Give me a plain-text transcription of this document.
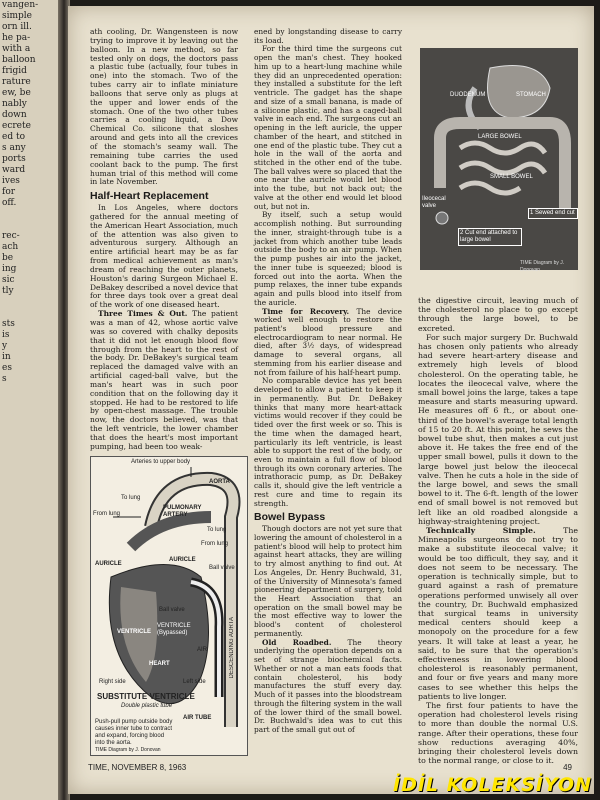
vangen-
simple
orn ill.
he pa-
with a
balloon
frigid
rature
ew, be
nably
down
ecrete
ed to
s any
ports
ward
ives
for
off.

rec-
ach
be
ing
sic
tly

sts
is
y
in
es
s

ath cooling, Dr. Wangensteen is now trying to improve it by leaving out the balloon. In a new method, so far tested only on dogs, the doctors pass a plastic tube (actually, four tubes in one) into the stomach. Two of the tubes carry air to inflate miniature balloons that serve only as plugs at the upper and lower ends of the stomach. One of the two other tubes carries a cooling liquid, a Dow Chemical Co. silicone that sloshes around and gets into all the crevices of the stomach's seamy wall. The remaining tube carries the used coolant back to the pump. The first human trial of this method will come in late November.

Half-Heart Replacement

In Los Angeles, where doctors gathered for the annual meeting of the American Heart Association, much of the attention was also given to adventurous surgery. Although an entire artificial heart may be as far from medical achievement as man's dream of reaching the outer planets, Houston's daring Surgeon Michael E. DeBakey described a novel device that for three days took over a great deal of the work of one diseased heart.

Three Times & Out. The patient was a man of 42, whose aortic valve was so covered with chalky deposits that it did not let enough blood flow through from the heart to the rest of the body. Dr. DeBakey's surgical team replaced the damaged valve with an artificial caged-ball valve, but the man's heart was in such poor condition that on the following day it stopped. He had to be restored to life by open-chest massage. The trouble now, the doctors believed, was that the left ventricle, the lower chamber that does the heart's most important pumping, had been too weak-

Arteries to upper body
AORTA
To lung
From lung
PULMONARY ARTERY
To lung
AURICLE
From lung
AURICLE
Ball valve
Ball valve
VENTRICLE
VENTRICLE (Bypassed)
HEART
AIR
Right side	Left side
SUBSTITUTE VENTRICLE
Double plastic tube
AIR TUBE
Push-pull pump outside body causes inner tube to contract and expand, forcing blood into the aorta.
DESCENDING AORTA
TIME Diagram by J. Donovan

ened by longstanding disease to carry its load.

For the third time the surgeons cut open the man's chest. They hooked him up to a heart-lung machine while they did an unprecedented operation: they installed a substitute for the left ventricle. The gadget has the shape and size of a small banana, is made of a silicone plastic, and has a caged-ball valve in each end. The surgeons cut an opening in the left auricle, the upper chamber of the heart, and stitched in one end of the plastic tube. They cut a hole in the wall of the aorta and stitched in the other end of the tube. The ball valves were so placed that the one near the auricle would let blood into the tube, but not back out; the valve at the other end would let blood out, but not in.

By itself, such a setup would accomplish nothing. But surrounding the inner, straight-through tube is a jacket from which another tube leads outside the body to an air pump. When the pump pushes air into the jacket, the inner tube is squeezed; blood is forced out into the aorta. When the pump relaxes, the inner tube expands again and pulls blood into itself from the auricle.

Time for Recovery. The device worked well enough to restore the patient's blood pressure and electrocardiogram to near normal. He died, after 3½ days, of widespread damage to several organs, all stemming from his earlier disease and not from failure of his half-heart pump.

No comparable device has yet been developed to allow a patient to keep it in permanently. But Dr. DeBakey thinks that many more heart-attack victims would recover if they could be tided over the first week or so. This is the time when the damaged heart, particularly its left ventricle, is least able to support the rest of the body, or even to maintain a full flow of blood through its own coronary arteries. The intrathoracic pump, as Dr. DeBakey calls it, should give the left ventricle a rest cure and time to regain its strength.

Bowel Bypass

Though doctors are not yet sure that lowering the amount of cholesterol in a patient's blood will help to protect him against heart attacks, they are willing to try almost anything to find out. At Los Angeles, Dr. Henry Buchwald, 31, of the University of Minnesota's famed pioneering department of surgery, told the Heart Association that an operation on the small bowel may be the most effective way to lower the blood's content of cholesterol permanently.

Old Roadbed. The theory underlying the operation depends on a set of strange biochemical facts. Whether or not a man eats foods that contain cholesterol, his body manufactures the stuff every day. Much of it passes into the bloodstream through the filtering system in the wall of the lower third of the small bowel. Dr. Buchwald's idea was to cut this part of the small gut out of

DUODENUM	STOMACH
LARGE BOWEL
SMALL BOWEL
Ileocecal valve
1 Sewed end cut
2 Cut end attached to large bowel
TIME Diagram by J. Donovan

the digestive circuit, leaving much of the cholesterol no place to go except through the large bowel, to be excreted.

For such major surgery Dr. Buchwald has chosen only patients who already had severe heart-artery disease and extremely high levels of blood cholesterol. On the operating table, he locates the ileocecal valve, where the small bowel joins the large, takes a tape measure and starts measuring upward. He measures off 6 ft., or about one-third of the bowel's average total length of 15 to 20 ft. At this point, he sews the bowel tube shut, then makes a cut just above it. He takes the free end of the upper small bowel, pulls it down to the large bowel just below the ileocecal valve. Then he cuts a hole in the side of the large bowel, and sews the small bowel to it. The 6-ft. length of the lower end of small bowel is not removed but left like an old roadbed alongside a highway-straightening project.

Technically Simple.	The Minneapolis surgeons do not try to make a substitute ileocecal valve; it would be too difficult, they say, and it does not seem to be necessary. The operation is technically simple, but to guard against a rash of premature operations performed unwisely all over the country, Dr. Buchwald emphasized that surgical teams in university medical centers should keep a monopoly on the procedure for a few years. It will take at least a year, he said, to be sure that the operation's effectiveness in lowering blood cholesterol is reasonably permanent, and four or five years and many more cases to see whether this helps the patients to live longer.

The first four patients to have the operation had cholesterol levels rising to more than double the normal U.S. range. After their operations, these four show reductions averaging 40%, bringing their cholesterol levels down to the normal range, or close to it.

TIME, NOVEMBER 8, 1963	49
İDİL KOLEKSİYON
